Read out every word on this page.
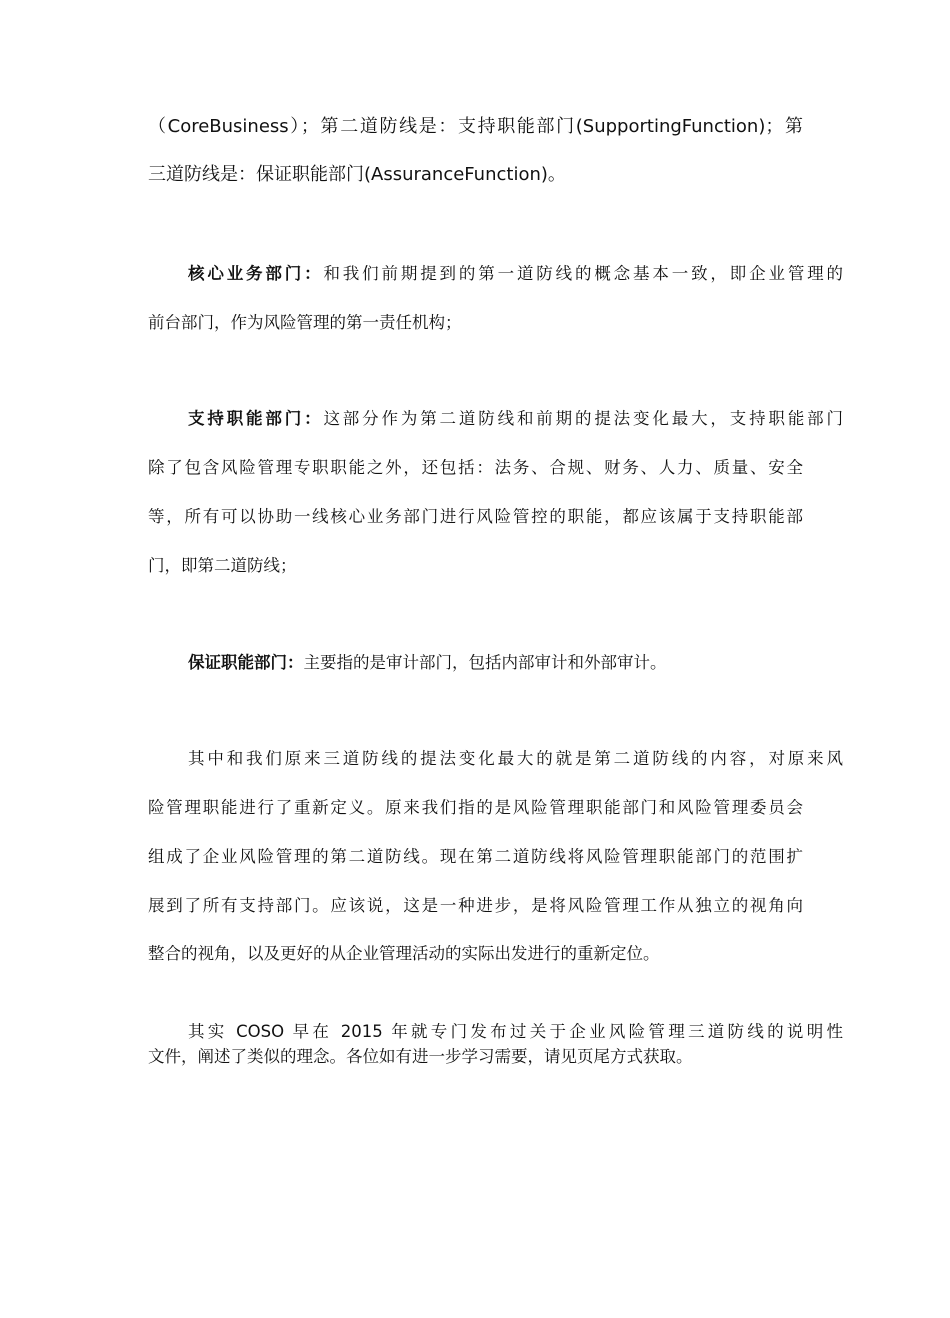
（CoreBusiness）；第二道防线是：支持职能部门(SupportingFunction)；第
三道防线是：保证职能部门(AssuranceFunction)。
核心业务部门：和我们前期提到的第一道防线的概念基本一致，即企业管理的
前台部门，作为风险管理的第一责任机构；
支持职能部门：这部分作为第二道防线和前期的提法变化最大，支持职能部门
除了包含风险管理专职职能之外，还包括：法务、合规、财务、人力、质量、安全
等，所有可以协助一线核心业务部门进行风险管控的职能，都应该属于支持职能部
门，即第二道防线；
保证职能部门：主要指的是审计部门，包括内部审计和外部审计。
其中和我们原来三道防线的提法变化最大的就是第二道防线的内容，对原来风
险管理职能进行了重新定义。原来我们指的是风险管理职能部门和风险管理委员会
组成了企业风险管理的第二道防线。现在第二道防线将风险管理职能部门的范围扩
展到了所有支持部门。应该说，这是一种进步，是将风险管理工作从独立的视角向
整合的视角，以及更好的从企业管理活动的实际出发进行的重新定位。
其实 COSO 早在 2015 年就专门发布过关于企业风险管理三道防线的说明性
文件，阐述了类似的理念。各位如有进一步学习需要，请见页尾方式获取。
